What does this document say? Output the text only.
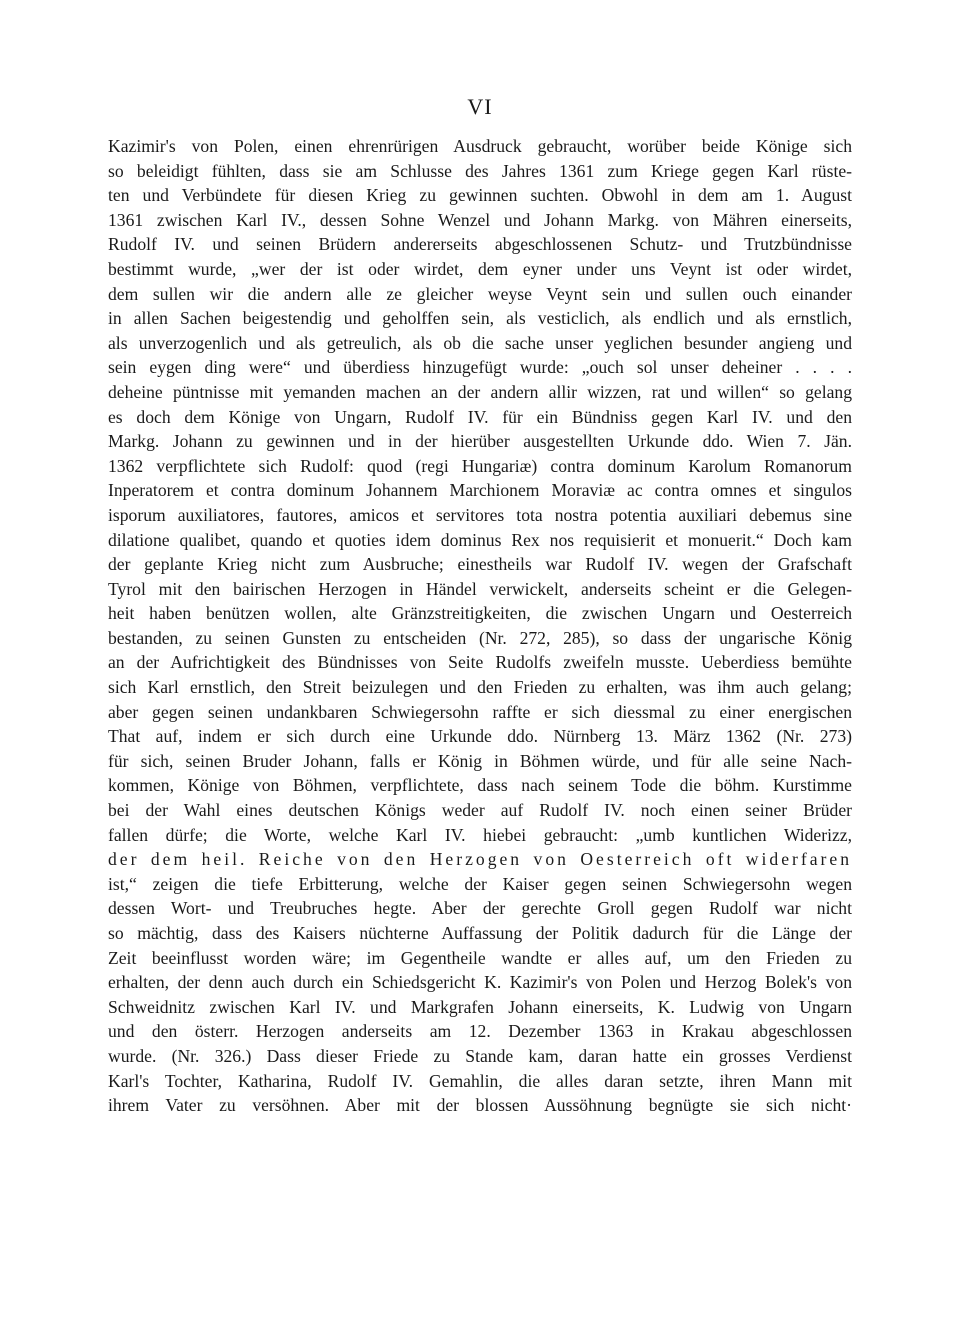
VI
Kazimir's von Polen, einen ehrenrürigen Ausdruck gebraucht, worüber beide Könige sich
so beleidigt fühlten, dass sie am Schlusse des Jahres 1361 zum Kriege gegen Karl rüste-
ten und Verbündete für diesen Krieg zu gewinnen suchten. Obwohl in dem am 1. August
1361 zwischen Karl IV., dessen Sohne Wenzel und Johann Markg. von Mähren einerseits,
Rudolf IV. und seinen Brüdern andererseits abgeschlossenen Schutz- und Trutzbündnisse
bestimmt wurde, „wer der ist oder wirdet, dem eyner under uns Veynt ist oder wirdet,
dem sullen wir die andern alle ze gleicher weyse Veynt sein und sullen ouch einander
in allen Sachen beigestendig und geholffen sein, als vesticlich, als endlich und als ernstlich,
als unverzogenlich und als getreulich, als ob die sache unser yeglichen besunder angieng und
sein eygen ding were“ und überdiess hinzugefügt wurde: „ouch sol unser deheiner . . . .
deheine püntnisse mit yemanden machen an der andern allir wizzen, rat und willen“ so gelang
es doch dem Könige von Ungarn, Rudolf IV. für ein Bündniss gegen Karl IV. und den
Markg. Johann zu gewinnen und in der hierüber ausgestellten Urkunde ddo. Wien 7. Jän.
1362 verpflichtete sich Rudolf: quod (regi Hungariæ) contra dominum Karolum Romanorum
Inperatorem et contra dominum Johannem Marchionem Moraviæ ac contra omnes et singulos
isporum auxiliatores, fautores, amicos et servitores tota nostra potentia auxiliari debemus sine
dilatione qualibet, quando et quoties idem dominus Rex nos requisierit et monuerit.“ Doch kam
der geplante Krieg nicht zum Ausbruche; einestheils war Rudolf IV. wegen der Grafschaft
Tyrol mit den bairischen Herzogen in Händel verwickelt, anderseits scheint er die Gelegen-
heit haben benützen wollen, alte Gränzstreitigkeiten, die zwischen Ungarn und Oesterreich
bestanden, zu seinen Gunsten zu entscheiden (Nr. 272, 285), so dass der ungarische König
an der Aufrichtigkeit des Bündnisses von Seite Rudolfs zweifeln musste. Ueberdiess bemühte
sich Karl ernstlich, den Streit beizulegen und den Frieden zu erhalten, was ihm auch gelang;
aber gegen seinen undankbaren Schwiegersohn raffte er sich diessmal zu einer energischen
That auf, indem er sich durch eine Urkunde ddo. Nürnberg 13. März 1362 (Nr. 273)
für sich, seinen Bruder Johann, falls er König in Böhmen würde, und für alle seine Nach-
kommen, Könige von Böhmen, verpflichtete, dass nach seinem Tode die böhm. Kurstimme
bei der Wahl eines deutschen Königs weder auf Rudolf IV. noch einen seiner Brüder
fallen dürfe; die Worte, welche Karl IV. hiebei gebraucht: „umb kuntlichen Widerizz,
der dem heil. Reiche von den Herzogen von Oesterreich oft widerfaren
ist,“ zeigen die tiefe Erbitterung, welche der Kaiser gegen seinen Schwiegersohn wegen
dessen Wort- und Treubruches hegte. Aber der gerechte Groll gegen Rudolf war nicht
so mächtig, dass des Kaisers nüchterne Auffassung der Politik dadurch für die Länge der
Zeit beeinflusst worden wäre; im Gegentheile wandte er alles auf, um den Frieden zu
erhalten, der denn auch durch ein Schiedsgericht K. Kazimir's von Polen und Herzog Bolek's von
Schweidnitz zwischen Karl IV. und Markgrafen Johann einerseits, K. Ludwig von Ungarn
und den österr. Herzogen anderseits am 12. Dezember 1363 in Krakau abgeschlossen
wurde. (Nr. 326.) Dass dieser Friede zu Stande kam, daran hatte ein grosses Verdienst
Karl's Tochter, Katharina, Rudolf IV. Gemahlin, die alles daran setzte, ihren Mann mit
ihrem Vater zu versöhnen. Aber mit der blossen Aussöhnung begnügte sie sich nicht·
